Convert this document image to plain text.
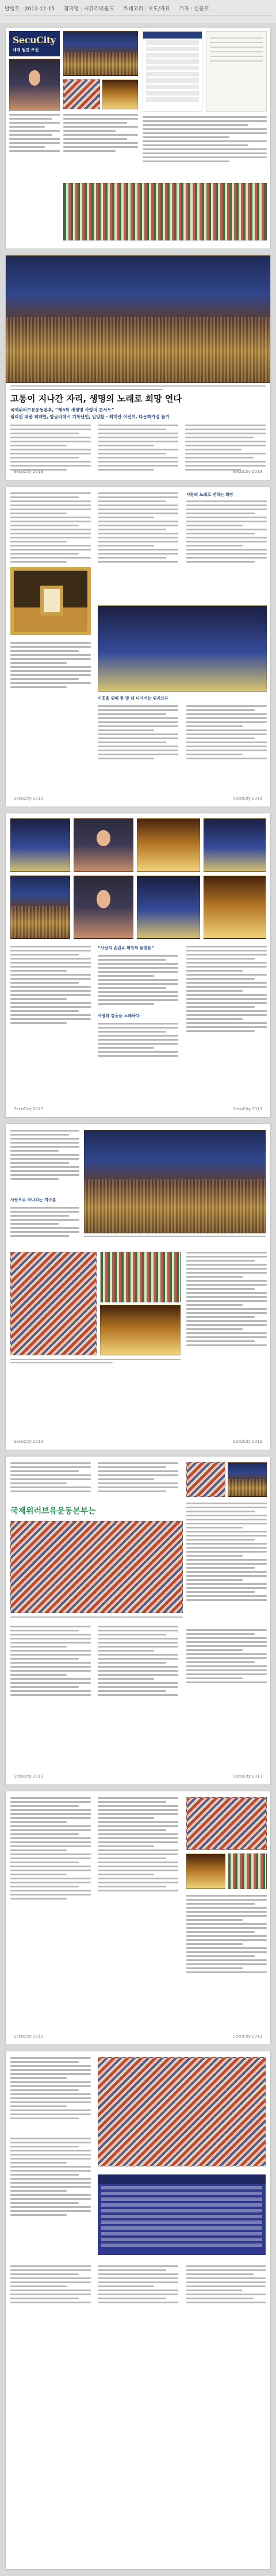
발행호 : 2012-12-15 잡지명 : 시큐리티월드 카테고리 : 보도/자료 기자 : 신문호
SecuCity
세계 월간 조선
고통이 지나간 자리, 생명의 노래로 희망 연다
국제위러브유운동본부, “제5회 새생명 사랑의 콘서트”
필리핀 태풍 피해민, 방글라데시 기록난민, 임양환 · 최미란 어린이, 다문화가정 돕기
SecuCity 2013	SecuCity 2013
사랑의 노래로 전하는 희망
이웃을 위해 한 발 더 다가서는 위러브유
SecuCity 2013	SecuCity 2013
“사랑의 손길로 희망의 물결을”
사랑과 감동을 노래하다
SecuCity 2013	SecuCity 2013
사랑으로 하나되는 지구촌
SecuCity 2013	SecuCity 2013
국제위러브유운동본부는
SecuCity 2013	SecuCity 2013
SecuCity 2013	SecuCity 2013
